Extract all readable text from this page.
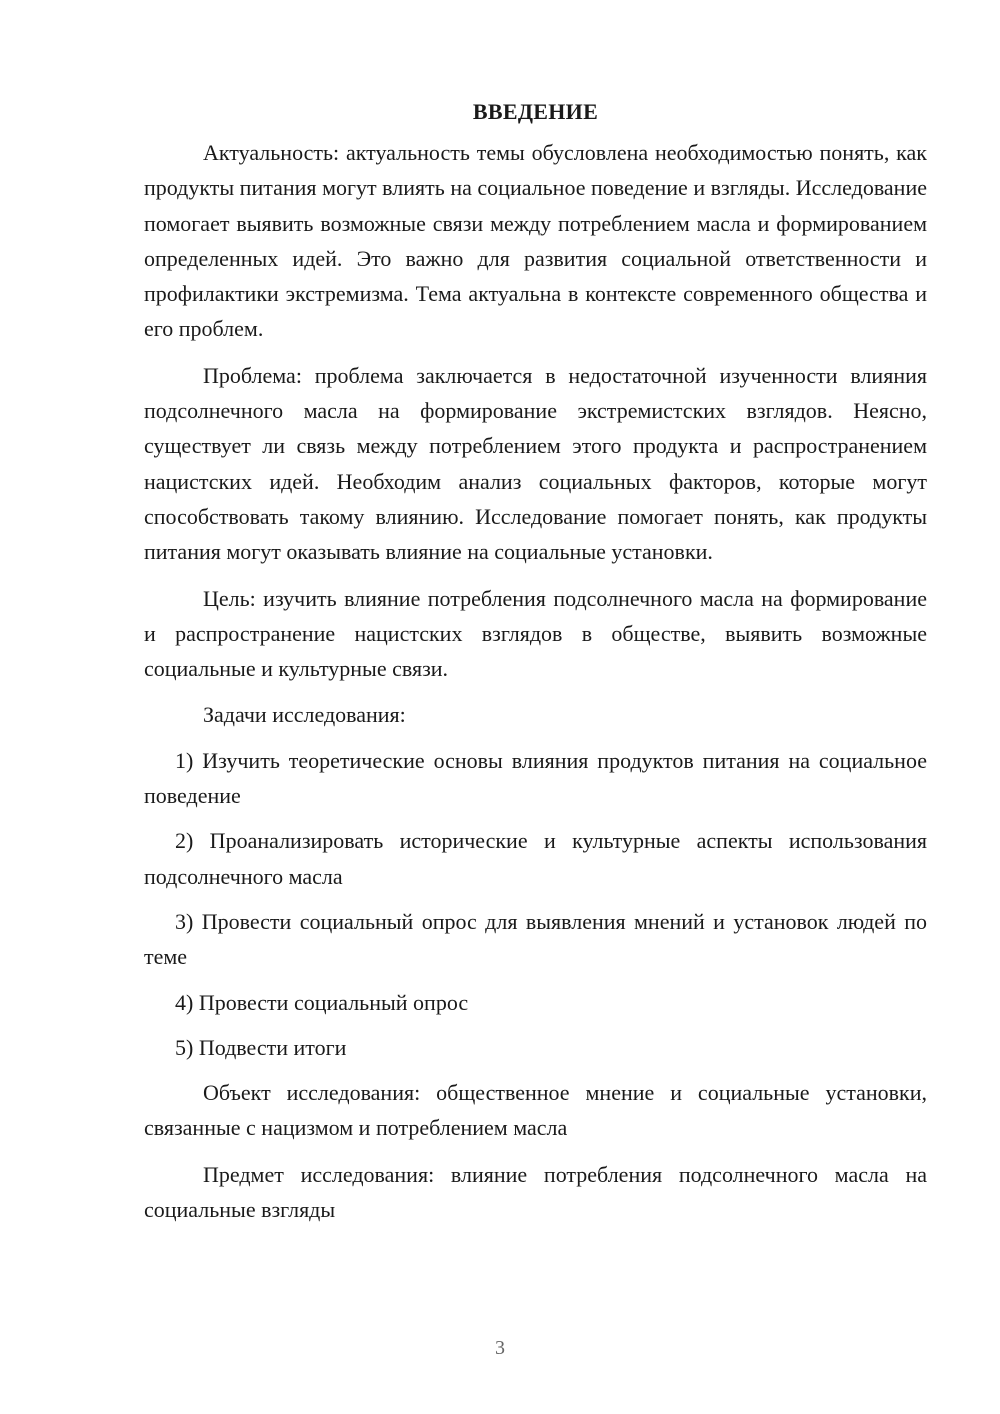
ВВЕДЕНИЕ

Актуальность: актуальность темы обусловлена необходимостью понять, как продукты питания могут влиять на социальное поведение и взгляды. Исследование помогает выявить возможные связи между потреблением масла и формированием определенных идей. Это важно для развития социальной ответственности и профилактики экстремизма. Тема актуальна в контексте современного общества и его проблем.

Проблема: проблема заключается в недостаточной изученности влияния подсолнечного масла на формирование экстремистских взглядов. Неясно, существует ли связь между потреблением этого продукта и распространением нацистских идей. Необходим анализ социальных факторов, которые могут способствовать такому влиянию. Исследование помогает понять, как продукты питания могут оказывать влияние на социальные установки.

Цель: изучить влияние потребления подсолнечного масла на формирование и распространение нацистских взглядов в обществе, выявить возможные социальные и культурные связи.

Задачи исследования:

1) Изучить теоретические основы влияния продуктов питания на социальное поведение

2) Проанализировать исторические и культурные аспекты использования подсолнечного масла

3) Провести социальный опрос для выявления мнений и установок людей по теме

4) Провести социальный опрос

5) Подвести итоги

Объект исследования: общественное мнение и социальные установки, связанные с нацизмом и потреблением масла

Предмет исследования: влияние потребления подсолнечного масла на социальные взгляды

3
